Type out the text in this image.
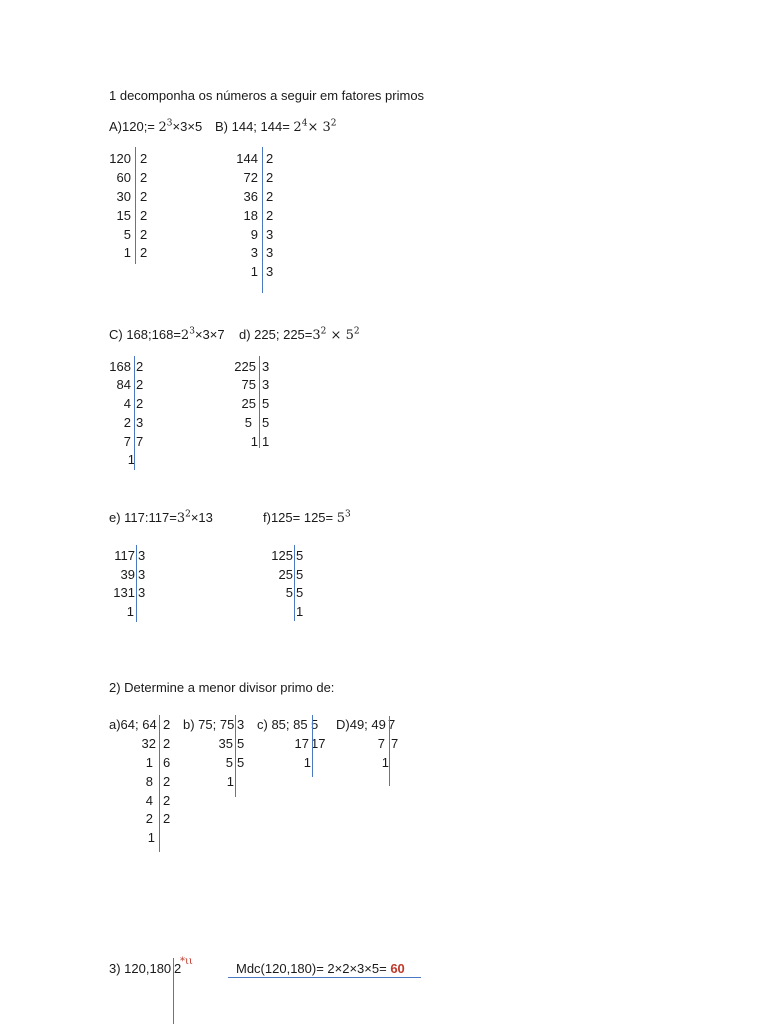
1 decomponha os números a seguir em fatores primos
A)120;= $2^3\times 3\times 5$ B) 144; $144= 2^4\times 3^2$
120 2
60 2
30 2
15 2
5 2
1 2
144 2
72 2
36 2
18 2
9 3
3 3
1 3
C) $168;168=2^3\times 3\times 7$ d) 225; $225=3^2 \times 5^2$
168 2
84 2
4 2
2 3
7 7
1
225 3
75 3
25 5
5 5
1 1
e) $117:117=3^2\times 13$	$f)125= 125= 5^3$
117 3
39 3
131 3
1
125 5
25 5
5 5
1
2) Determine a menor divisor primo de:
a)64; 64 2
32 2
1 6
8 2
4 2
2 2
1
b) 75; 75 3
35 5
5 5
1
c) 85; 85 5
17 17
1
D)49; 49 7
7 7
1
3) 120,180 2
*ιι	Mdc(120,180)= 2×2×3×5= 60
